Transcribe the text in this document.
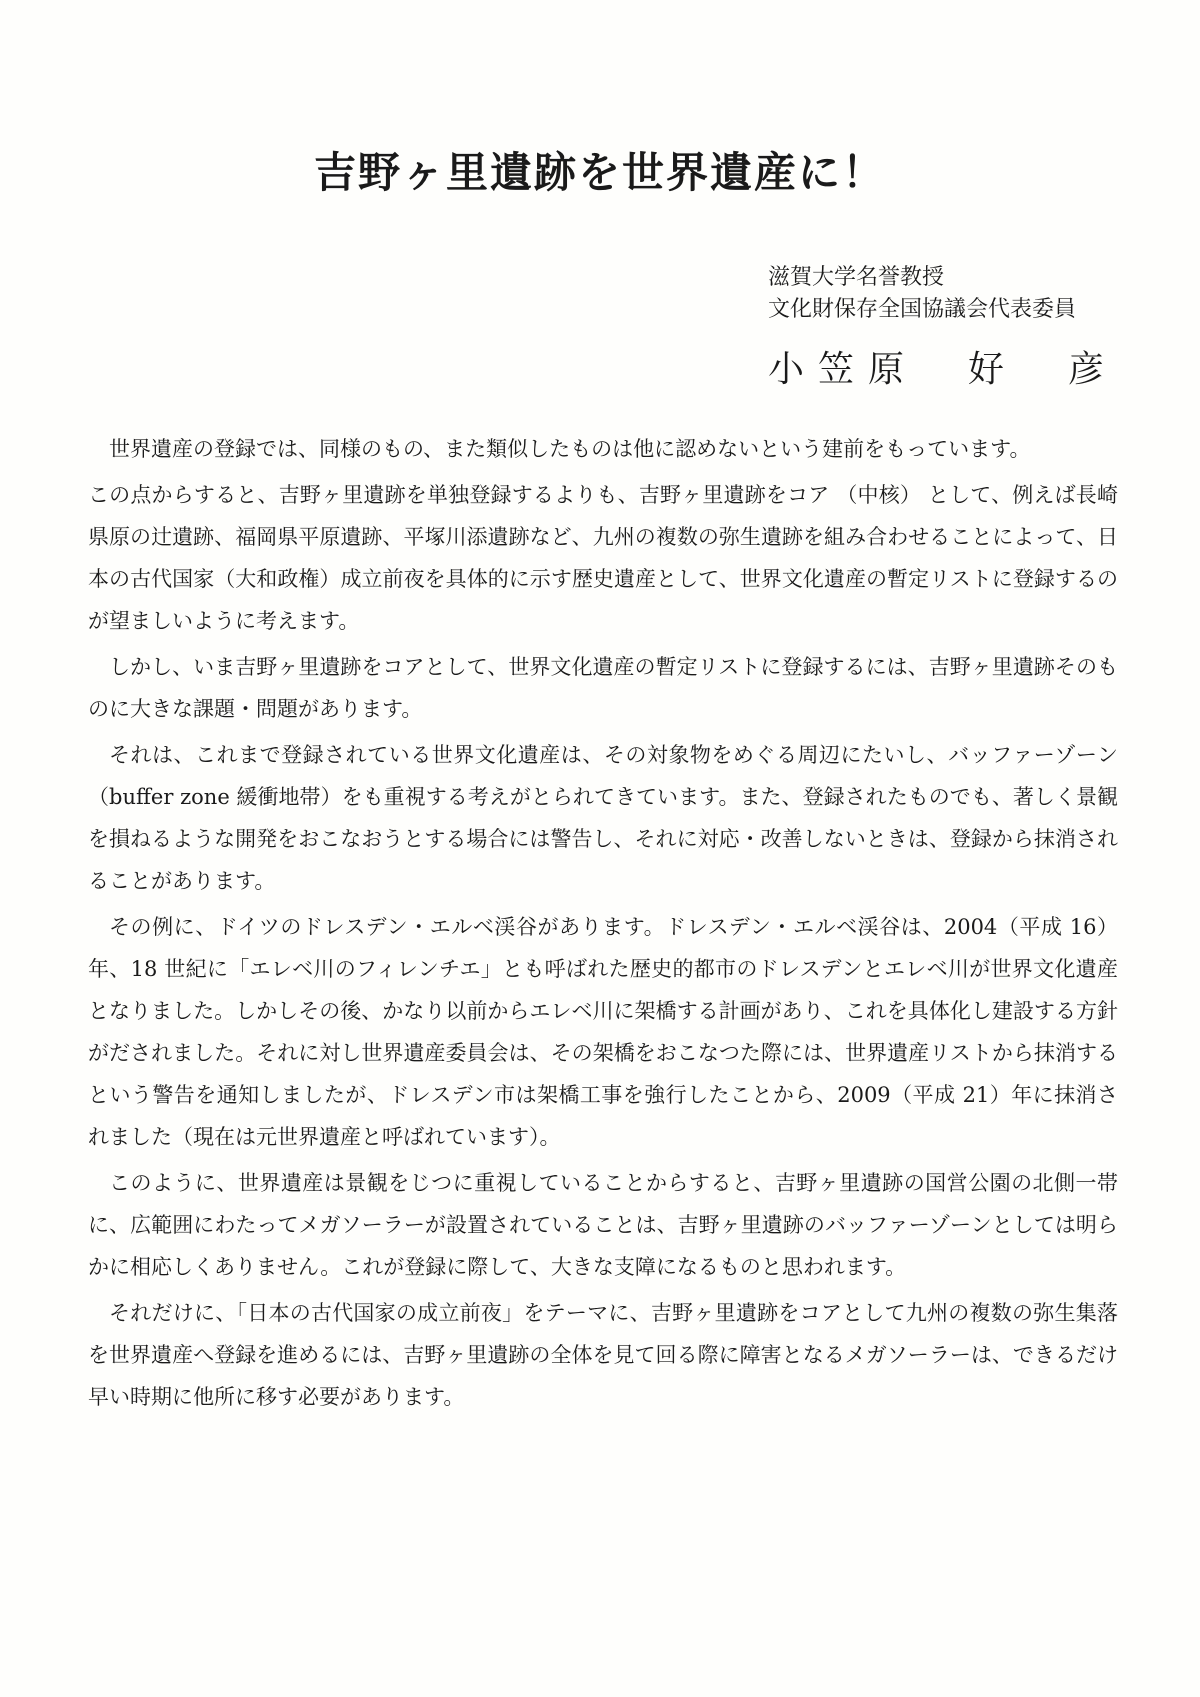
吉野ヶ里遺跡を世界遺産に！

滋賀大学名誉教授

文化財保存全国協議会代表委員

小笠原　好　彦

世界遺産の登録では、同様のもの、また類似したものは他に認めないという建前をもっています。

この点からすると、吉野ヶ里遺跡を単独登録するよりも、吉野ヶ里遺跡をコア （中核） として、例えば長崎県原の辻遺跡、福岡県平原遺跡、平塚川添遺跡など、九州の複数の弥生遺跡を組み合わせることによって、日本の古代国家（大和政権）成立前夜を具体的に示す歴史遺産として、世界文化遺産の暫定リストに登録するのが望ましいように考えます。

しかし、いま吉野ヶ里遺跡をコアとして、世界文化遺産の暫定リストに登録するには、吉野ヶ里遺跡そのものに大きな課題・問題があります。

それは、これまで登録されている世界文化遺産は、その対象物をめぐる周辺にたいし、バッファーゾーン （buffer zone 緩衝地帯）をも重視する考えがとられてきています。また、登録されたものでも、著しく景観を損ねるような開発をおこなおうとする場合には警告し、それに対応・改善しないときは、登録から抹消されることがあります。

その例に、ドイツのドレスデン・エルベ渓谷があります。ドレスデン・エルベ渓谷は、2004（平成 16）年、18 世紀に「エレベ川のフィレンチエ」とも呼ばれた歴史的都市のドレスデンとエレベ川が世界文化遺産となりました。しかしその後、かなり以前からエレベ川に架橋する計画があり、これを具体化し建設する方針がだされました。それに対し世界遺産委員会は、その架橋をおこなつた際には、世界遺産リストから抹消するという警告を通知しましたが、ドレスデン市は架橋工事を強行したことから、2009（平成 21）年に抹消されました（現在は元世界遺産と呼ばれています）。

このように、世界遺産は景観をじつに重視していることからすると、吉野ヶ里遺跡の国営公園の北側一帯に、広範囲にわたってメガソーラーが設置されていることは、吉野ヶ里遺跡のバッファーゾーンとしては明らかに相応しくありません。これが登録に際して、大きな支障になるものと思われます。

それだけに、「日本の古代国家の成立前夜」をテーマに、吉野ヶ里遺跡をコアとして九州の複数の弥生集落を世界遺産へ登録を進めるには、吉野ヶ里遺跡の全体を見て回る際に障害となるメガソーラーは、できるだけ早い時期に他所に移す必要があります。
